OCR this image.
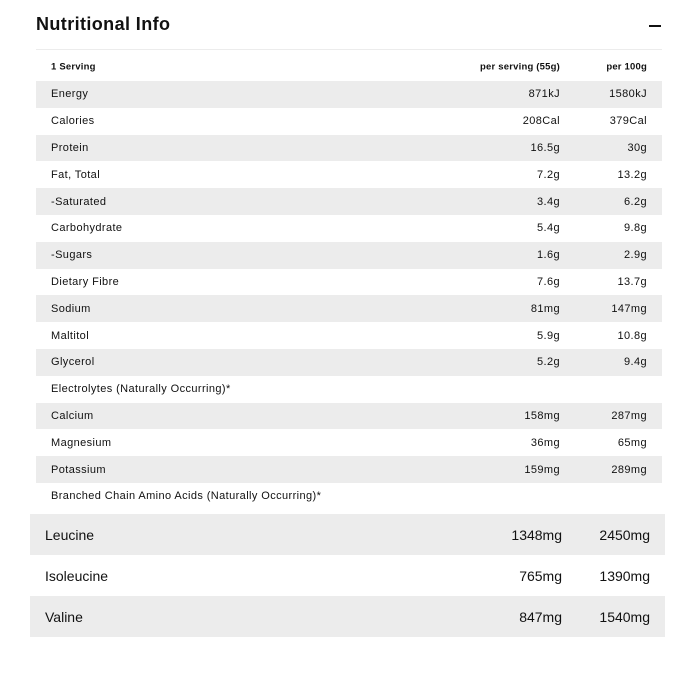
Nutritional Info
1 Serving	per serving (55g)	per 100g
Energy	871kJ	1580kJ
Calories	208Cal	379Cal
Protein	16.5g	30g
Fat, Total	7.2g	13.2g
-Saturated	3.4g	6.2g
Carbohydrate	5.4g	9.8g
-Sugars	1.6g	2.9g
Dietary Fibre	7.6g	13.7g
Sodium	81mg	147mg
Maltitol	5.9g	10.8g
Glycerol	5.2g	9.4g
Electrolytes (Naturally Occurring)*
Calcium	158mg	287mg
Magnesium	36mg	65mg
Potassium	159mg	289mg
Branched Chain Amino Acids (Naturally Occurring)*
Leucine	1348mg	2450mg
Isoleucine	765mg	1390mg
Valine	847mg	1540mg
